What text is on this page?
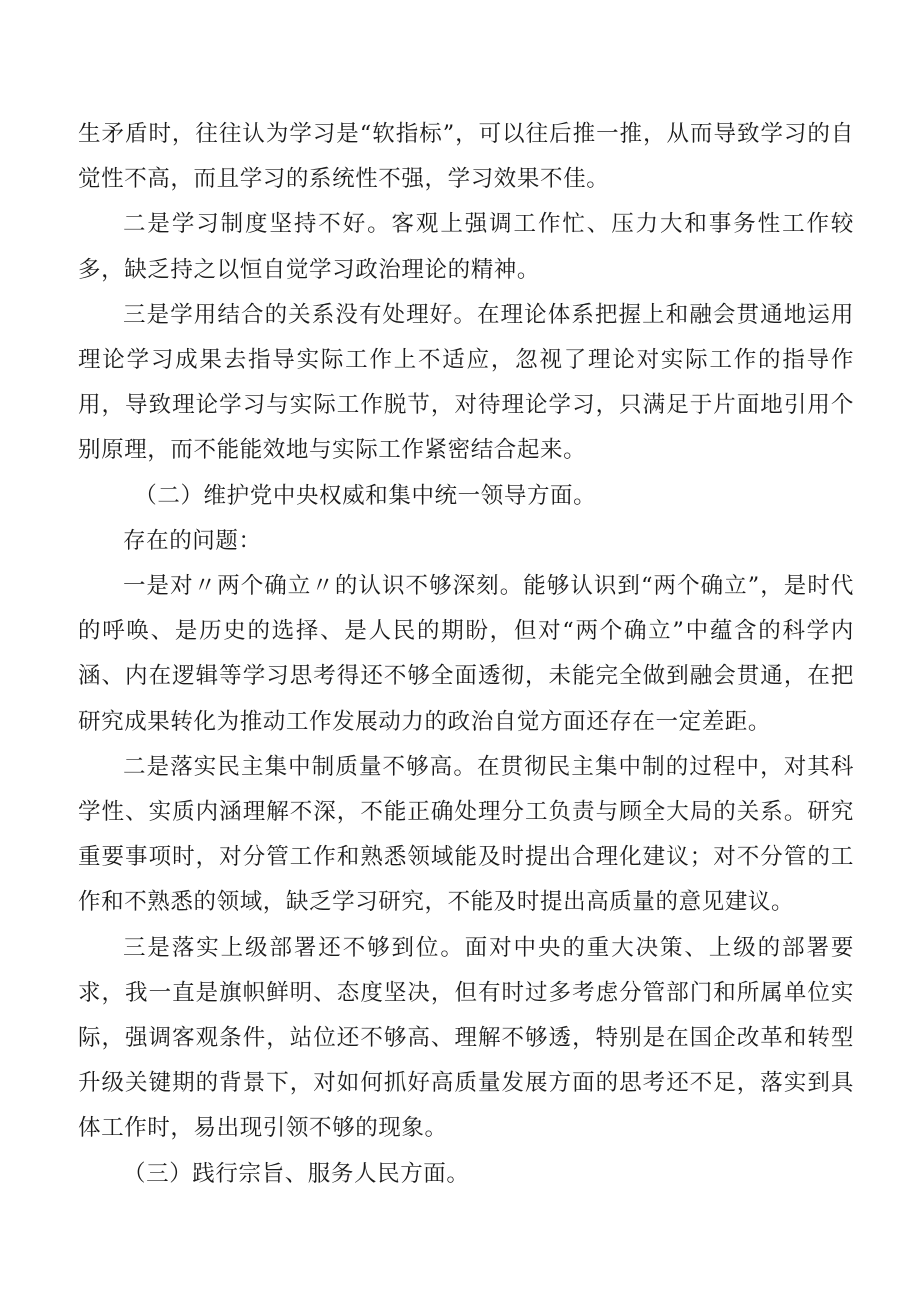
生矛盾时，往往认为学习是“软指标”，可以往后推一推，从而导致学习的自觉性不高，而且学习的系统性不强，学习效果不佳。

二是学习制度坚持不好。客观上强调工作忙、压力大和事务性工作较多，缺乏持之以恒自觉学习政治理论的精神。

三是学用结合的关系没有处理好。在理论体系把握上和融会贯通地运用理论学习成果去指导实际工作上不适应，忽视了理论对实际工作的指导作用，导致理论学习与实际工作脱节，对待理论学习，只满足于片面地引用个别原理，而不能能效地与实际工作紧密结合起来。

（二）维护党中央权威和集中统一领导方面。

存在的问题：

一是对〃两个确立〃的认识不够深刻。能够认识到“两个确立”，是时代的呼唤、是历史的选择、是人民的期盼，但对“两个确立”中蕴含的科学内涵、内在逻辑等学习思考得还不够全面透彻，未能完全做到融会贯通，在把研究成果转化为推动工作发展动力的政治自觉方面还存在一定差距。

二是落实民主集中制质量不够高。在贯彻民主集中制的过程中，对其科学性、实质内涵理解不深，不能正确处理分工负责与顾全大局的关系。研究重要事项时，对分管工作和熟悉领域能及时提出合理化建议；对不分管的工作和不熟悉的领域，缺乏学习研究，不能及时提出高质量的意见建议。

三是落实上级部署还不够到位。面对中央的重大决策、上级的部署要求，我一直是旗帜鲜明、态度坚决，但有时过多考虑分管部门和所属单位实际，强调客观条件，站位还不够高、理解不够透，特别是在国企改革和转型升级关键期的背景下，对如何抓好高质量发展方面的思考还不足，落实到具体工作时，易出现引领不够的现象。

（三）践行宗旨、服务人民方面。
